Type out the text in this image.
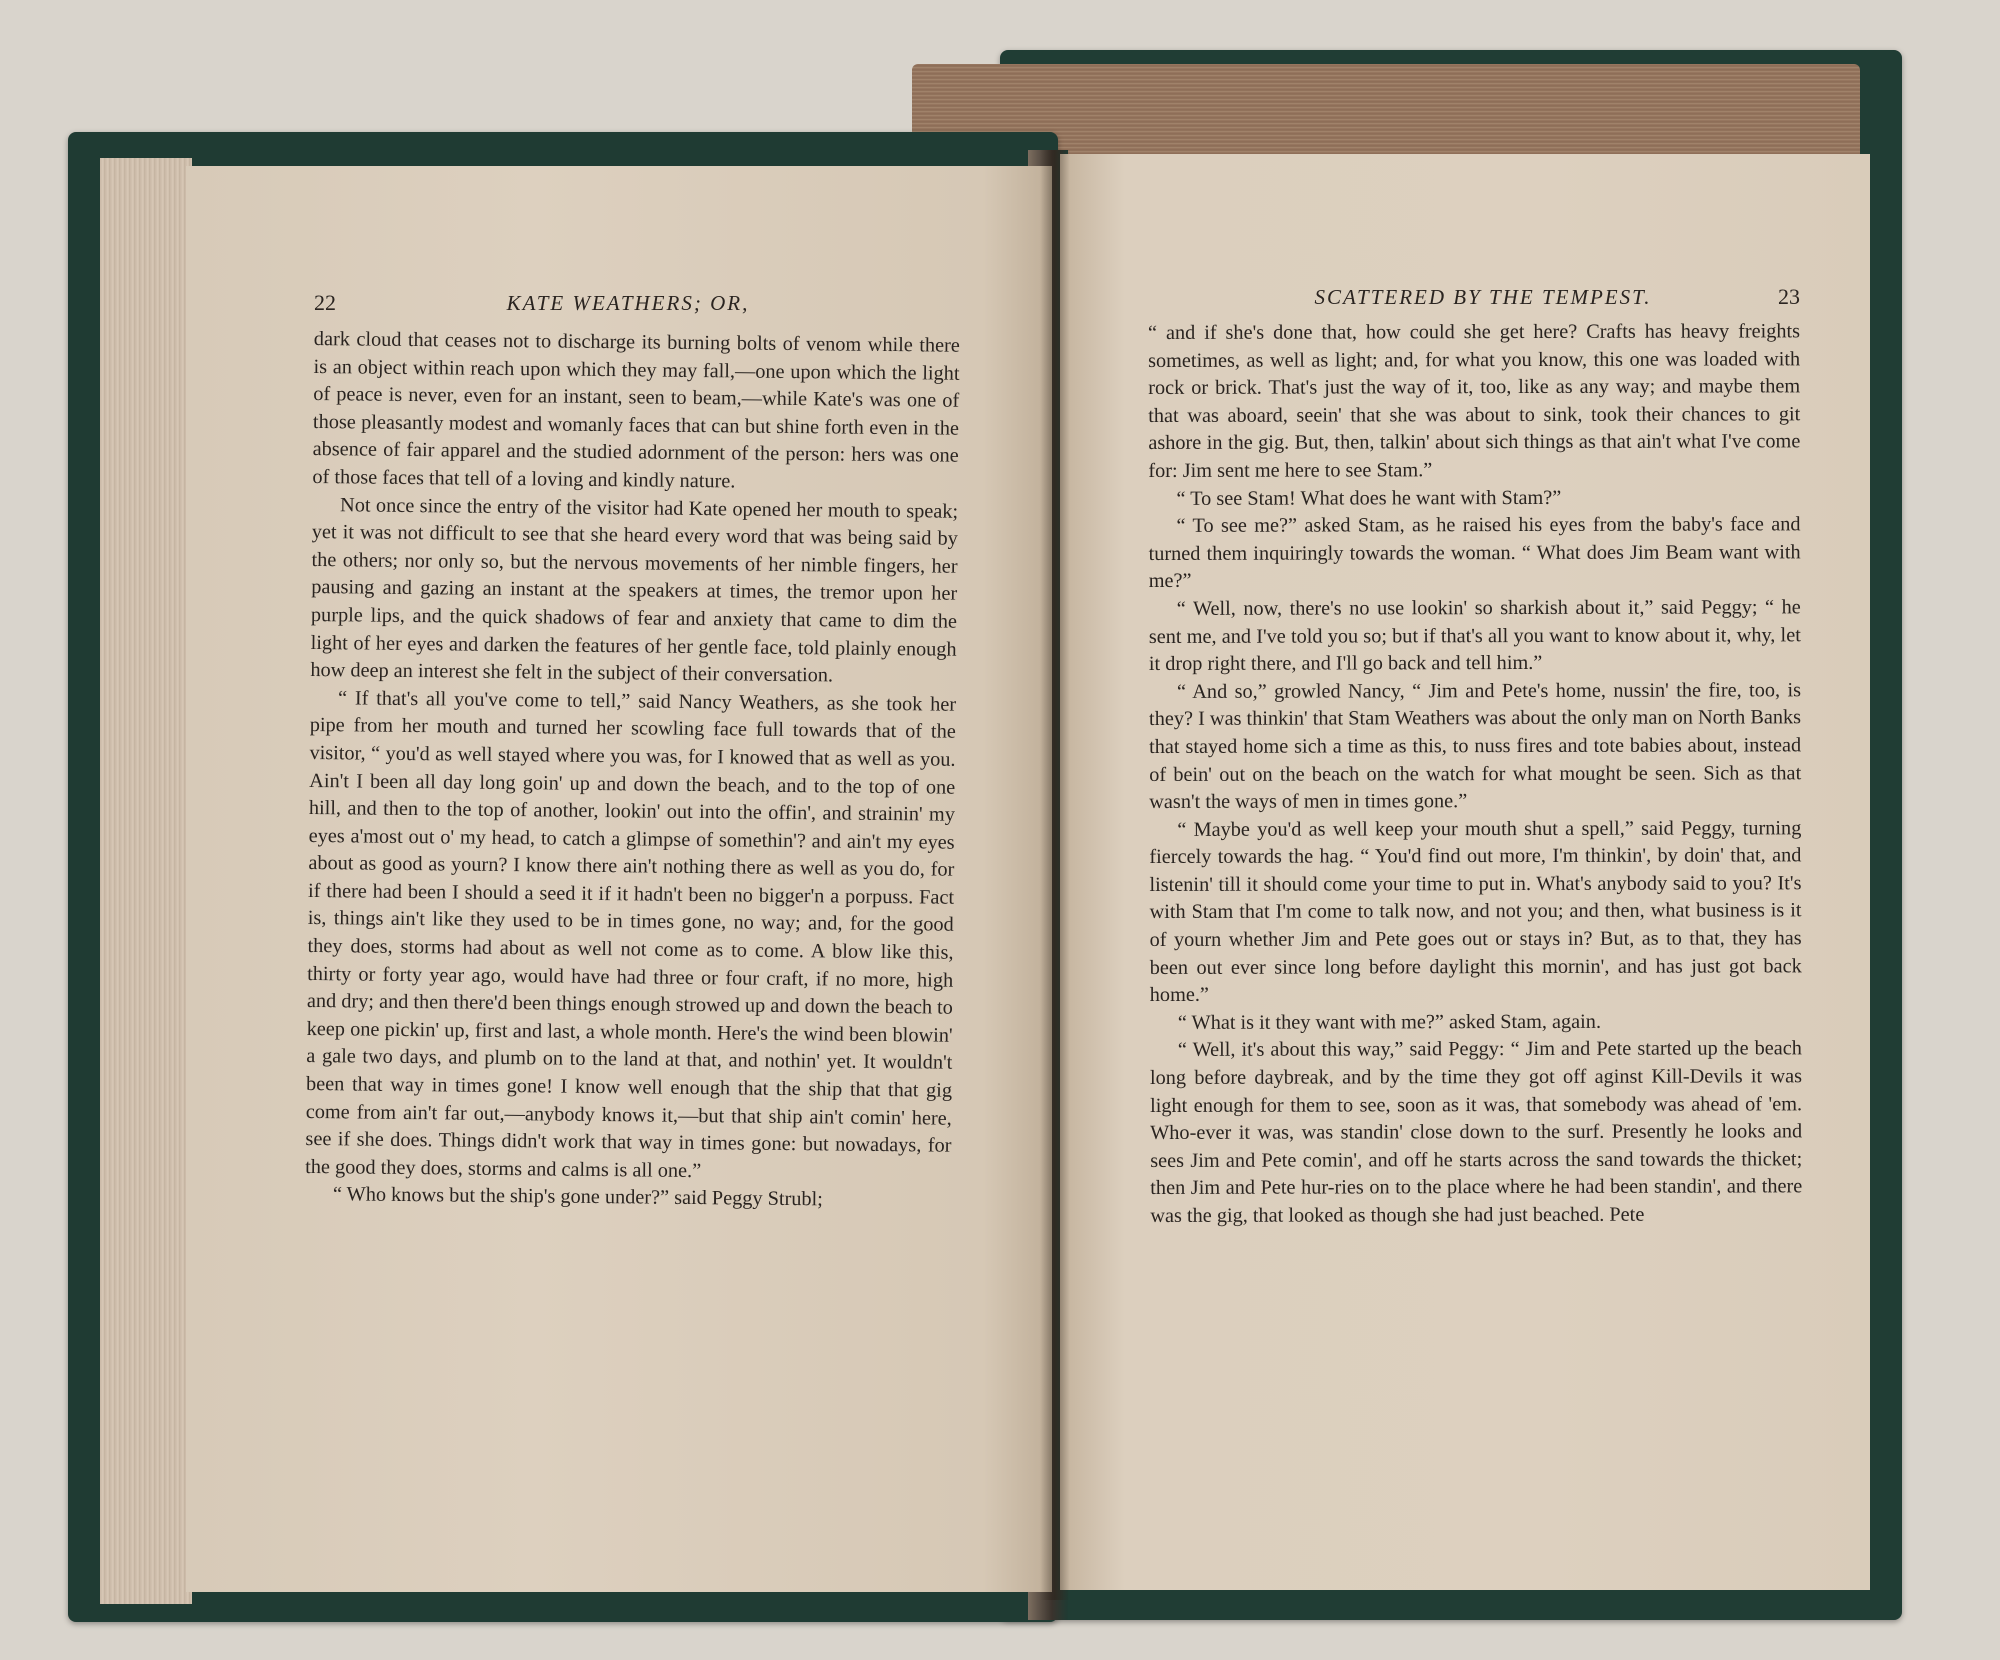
22	KATE WEATHERS; OR,

dark cloud that ceases not to discharge its burning bolts of venom while there is an object within reach upon which they may fall,—one upon which the light of peace is never, even for an instant, seen to beam,—while Kate's was one of those pleasantly modest and womanly faces that can but shine forth even in the absence of fair apparel and the studied adornment of the person: hers was one of those faces that tell of a loving and kindly nature.

Not once since the entry of the visitor had Kate opened her mouth to speak; yet it was not difficult to see that she heard every word that was being said by the others; nor only so, but the nervous movements of her nimble fingers, her pausing and gazing an instant at the speakers at times, the tremor upon her purple lips, and the quick shadows of fear and anxiety that came to dim the light of her eyes and darken the features of her gentle face, told plainly enough how deep an interest she felt in the subject of their conversation.

“ If that's all you've come to tell,” said Nancy Weathers, as she took her pipe from her mouth and turned her scowling face full towards that of the visitor, “ you'd as well stayed where you was, for I knowed that as well as you. Ain't I been all day long goin' up and down the beach, and to the top of one hill, and then to the top of another, lookin' out into the offin', and strainin' my eyes a'most out o' my head, to catch a glimpse of somethin'? and ain't my eyes about as good as yourn? I know there ain't nothing there as well as you do, for if there had been I should a seed it if it hadn't been no bigger'n a porpuss. Fact is, things ain't like they used to be in times gone, no way; and, for the good they does, storms had about as well not come as to come. A blow like this, thirty or forty year ago, would have had three or four craft, if no more, high and dry; and then there'd been things enough strowed up and down the beach to keep one pickin' up, first and last, a whole month. Here's the wind been blowin' a gale two days, and plumb on to the land at that, and nothin' yet. It wouldn't been that way in times gone! I know well enough that the ship that that gig come from ain't far out,—anybody knows it,—but that ship ain't comin' here, see if she does. Things didn't work that way in times gone: but nowadays, for the good they does, storms and calms is all one.”

“ Who knows but the ship's gone under?” said Peggy Strubl;

SCATTERED BY THE TEMPEST.	23

“ and if she's done that, how could she get here? Crafts has heavy freights sometimes, as well as light; and, for what you know, this one was loaded with rock or brick. That's just the way of it, too, like as any way; and maybe them that was aboard, seein' that she was about to sink, took their chances to git ashore in the gig. But, then, talkin' about sich things as that ain't what I've come for: Jim sent me here to see Stam.”

“ To see Stam! What does he want with Stam?”

“ To see me?” asked Stam, as he raised his eyes from the baby's face and turned them inquiringly towards the woman. “ What does Jim Beam want with me?”

“ Well, now, there's no use lookin' so sharkish about it,” said Peggy; “ he sent me, and I've told you so; but if that's all you want to know about it, why, let it drop right there, and I'll go back and tell him.”

“ And so,” growled Nancy, “ Jim and Pete's home, nussin' the fire, too, is they? I was thinkin' that Stam Weathers was about the only man on North Banks that stayed home sich a time as this, to nuss fires and tote babies about, instead of bein' out on the beach on the watch for what mought be seen. Sich as that wasn't the ways of men in times gone.”

“ Maybe you'd as well keep your mouth shut a spell,” said Peggy, turning fiercely towards the hag. “ You'd find out more, I'm thinkin', by doin' that, and listenin' till it should come your time to put in. What's anybody said to you? It's with Stam that I'm come to talk now, and not you; and then, what business is it of yourn whether Jim and Pete goes out or stays in? But, as to that, they has been out ever since long before daylight this mornin', and has just got back home.”

“ What is it they want with me?” asked Stam, again.

“ Well, it's about this way,” said Peggy: “ Jim and Pete started up the beach long before daybreak, and by the time they got off aginst Kill-Devils it was light enough for them to see, soon as it was, that somebody was ahead of 'em. Who-ever it was, was standin' close down to the surf. Presently he looks and sees Jim and Pete comin', and off he starts across the sand towards the thicket; then Jim and Pete hur-ries on to the place where he had been standin', and there was the gig, that looked as though she had just beached. Pete
